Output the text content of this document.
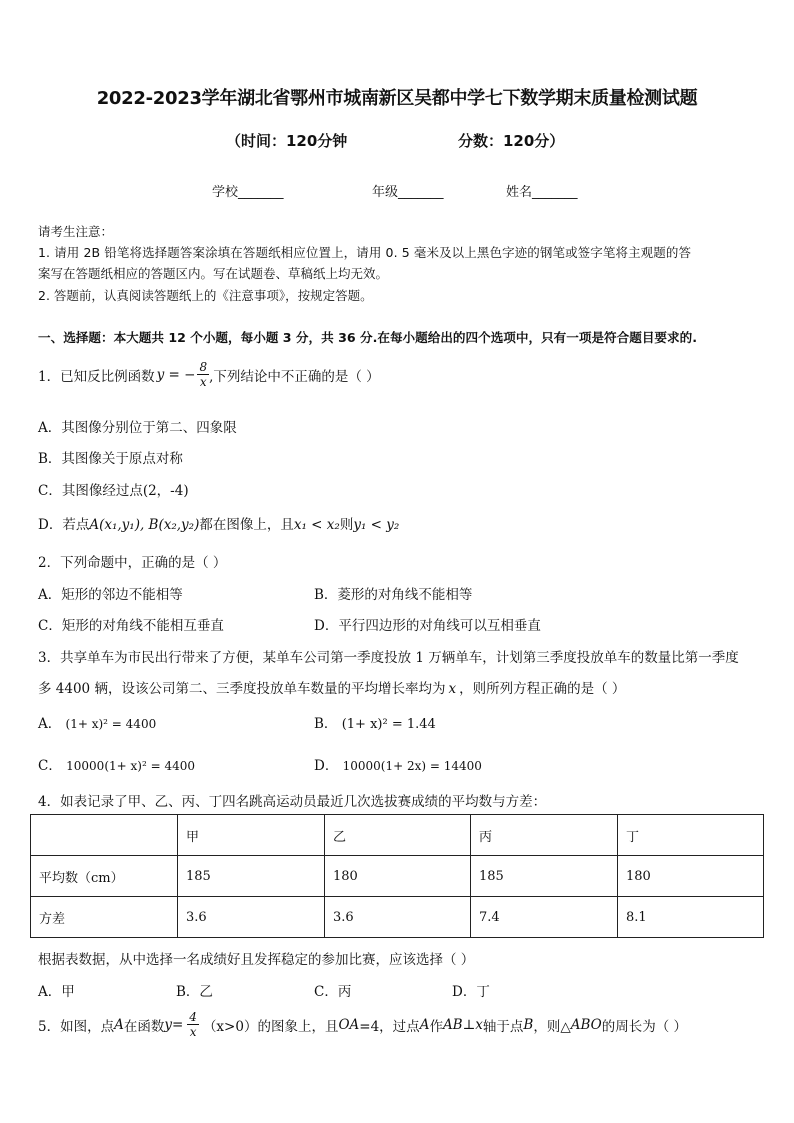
2022-2023学年湖北省鄂州市城南新区吴都中学七下数学期末质量检测试题
（时间：120分钟	分数：120分）
学校_______	年级_______	姓名_______
请考生注意：
1. 请用 2B 铅笔将选择题答案涂填在答题纸相应位置上，请用 0. 5 毫米及以上黑色字迹的钢笔或签字笔将主观题的答
案写在答题纸相应的答题区内。写在试题卷、草稿纸上均无效。
2. 答题前，认真阅读答题纸上的《注意事项》，按规定答题。
一、选择题：本大题共 12 个小题，每小题 3 分，共 36 分.在每小题给出的四个选项中，只有一项是符合题目要求的.
1．已知反比例函数 y = − $\frac{8}{x}$ ,下列结论中不正确的是（ ）
A．其图像分别位于第二、四象限
B．其图像关于原点对称
C．其图像经过点(2，-4)
D．若点A(x₁,y₁), B(x₂,y₂)都在图像上，且x₁ < x₂则y₁ < y₂
2．下列命题中，正确的是（ ）
A．矩形的邻边不能相等	B．菱形的对角线不能相等
C．矩形的对角线不能相互垂直	D．平行四边形的对角线可以互相垂直
3．共享单车为市民出行带来了方便，某单车公司第一季度投放 1 万辆单车，计划第三季度投放单车的数量比第一季度
多 4400 辆，设该公司第二、三季度投放单车数量的平均增长率均为 x ，则所列方程正确的是（ ）
A． (1+ x)² = 4400	B． (1+ x)² = 1.44
C． 10000(1+ x)² = 4400	D． 10000(1+ 2x) = 14400
4．如表记录了甲、乙、丙、丁四名跳高运动员最近几次选拔赛成绩的平均数与方差：
	甲	乙	丙	丁
平均数（cm）	185	180	185	180
方差	3.6	3.6	7.4	8.1
根据表数据，从中选择一名成绩好且发挥稳定的参加比赛，应该选择（ ）
A．甲	B．乙	C．丙	D．丁
5．如图，点 A 在函数 $y = \frac{4}{x} (x>0)$ 的图象上，且 OA =4，过点 A 作 AB⊥x 轴于点 B ，则△ ABO 的周长为（ ）
